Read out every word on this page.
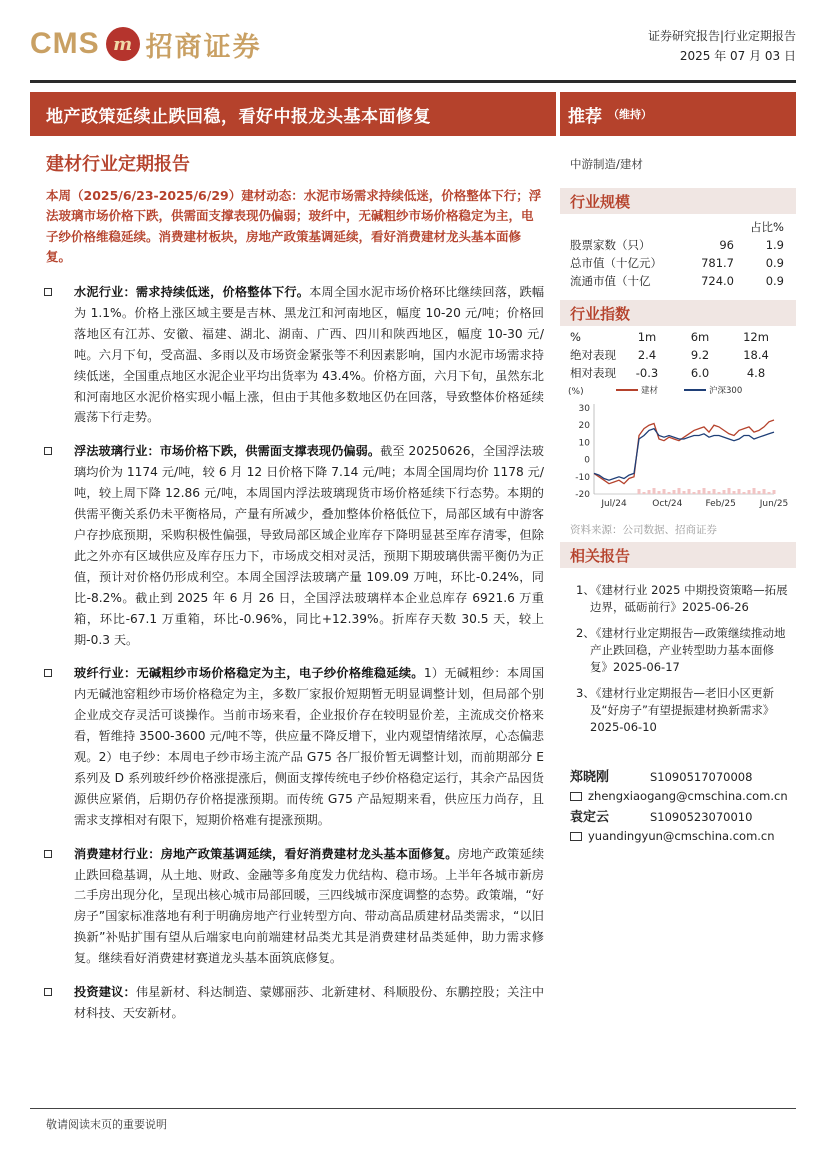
CMS m 招商证券	证券研究报告|行业定期报告
2025 年 07 月 03 日
地产政策延续止跌回稳，看好中报龙头基本面修复	推荐 （维持）
建材行业定期报告
本周（2025/6/23-2025/6/29）建材动态：水泥市场需求持续低迷，价格整体下行；浮法玻璃市场价格下跌，供需面支撑表现仍偏弱；玻纤中，无碱粗纱市场价格稳定为主，电子纱价格维稳延续。消费建材板块，房地产政策基调延续，看好消费建材龙头基本面修复。
水泥行业：需求持续低迷，价格整体下行。本周全国水泥市场价格环比继续回落，跌幅为 1.1%。价格上涨区域主要是吉林、黑龙江和河南地区，幅度 10-20 元/吨；价格回落地区有江苏、安徽、福建、湖北、湖南、广西、四川和陕西地区，幅度 10-30 元/吨。六月下旬，受高温、多雨以及市场资金紧张等不利因素影响，国内水泥市场需求持续低迷，全国重点地区水泥企业平均出货率为 43.4%。价格方面，六月下旬，虽然东北和河南地区水泥价格实现小幅上涨，但由于其他多数地区仍在回落，导致整体价格延续震荡下行走势。
浮法玻璃行业：市场价格下跌，供需面支撑表现仍偏弱。截至 20250626，全国浮法玻璃均价为 1174 元/吨，较 6 月 12 日价格下降 7.14 元/吨；本周全国周均价 1178 元/吨，较上周下降 12.86 元/吨，本周国内浮法玻璃现货市场价格延续下行态势。本期的供需平衡关系仍未平衡格局，产量有所减少，叠加整体价格低位下，局部区域有中游客户存抄底预期，采购积极性偏强，导致局部区域企业库存下降明显甚至库存清零，但除此之外亦有区域供应及库存压力下，市场成交相对灵活，预期下期玻璃供需平衡仍为正值，预计对价格仍形成利空。本周全国浮法玻璃产量 109.09 万吨，环比-0.24%，同比-8.2%。截止到 2025 年 6 月 26 日，全国浮法玻璃样本企业总库存 6921.6 万重箱，环比-67.1 万重箱，环比-0.96%，同比+12.39%。折库存天数 30.5 天，较上期-0.3 天。
玻纤行业：无碱粗纱市场价格稳定为主，电子纱价格维稳延续。1）无碱粗纱：本周国内无碱池窑粗纱市场价格稳定为主，多数厂家报价短期暂无明显调整计划，但局部个别企业成交存灵活可谈操作。当前市场来看，企业报价存在较明显价差，主流成交价格来看，暂维持 3500-3600 元/吨不等，供应量不降反增下，业内观望情绪浓厚，心态偏悲观。2）电子纱：本周电子纱市场主流产品 G75 各厂报价暂无调整计划，而前期部分 E 系列及 D 系列玻纤纱价格涨提涨后，侧面支撑传统电子纱价格稳定运行，其余产品因货源供应紧俏，后期仍存价格提涨预期。而传统 G75 产品短期来看，供应压力尚存，且需求支撑相对有限下，短期价格难有提涨预期。
消费建材行业：房地产政策基调延续，看好消费建材龙头基本面修复。房地产政策延续止跌回稳基调，从土地、财政、金融等多角度发力优结构、稳市场。上半年各城市新房二手房出现分化，呈现出核心城市局部回暖，三四线城市深度调整的态势。政策端，“好房子”国家标准落地有利于明确房地产行业转型方向、带动高品质建材品类需求，“以旧换新”补贴扩围有望从后端家电向前端建材品类尤其是消费建材品类延伸，助力需求修复。继续看好消费建材赛道龙头基本面筑底修复。
投资建议：伟星新材、科达制造、蒙娜丽莎、北新建材、科顺股份、东鹏控股；关注中材科技、天安新材。
中游制造/建材
行业规模
占比%
股票家数（只）	96	1.9
总市值（十亿元）	781.7	0.9
流通市值（十亿	724.0	0.9
行业指数
%	1m	6m	12m
绝对表现	2.4	9.2	18.4
相对表现	-0.3	6.0	4.8
(%)	建材	沪深300
30
20
10
0
-10
-20
Jul/24	Oct/24	Feb/25	Jun/25
资料来源：公司数据、招商证券
相关报告
1、
《建材行业 2025 中期投资策略—拓展边界，砥砺前行》2025-06-26
2、
《建材行业定期报告—政策继续推动地产止跌回稳，产业转型助力基本面修复》2025-06-17
3、
《建材行业定期报告—老旧小区更新及“好房子”有望提振建材换新需求》2025-06-10
郑晓刚	S1090517070008
zhengxiaogang@cmschina.com.cn
袁定云	S1090523070010
yuandingyun@cmschina.com.cn
敬请阅读末页的重要说明
